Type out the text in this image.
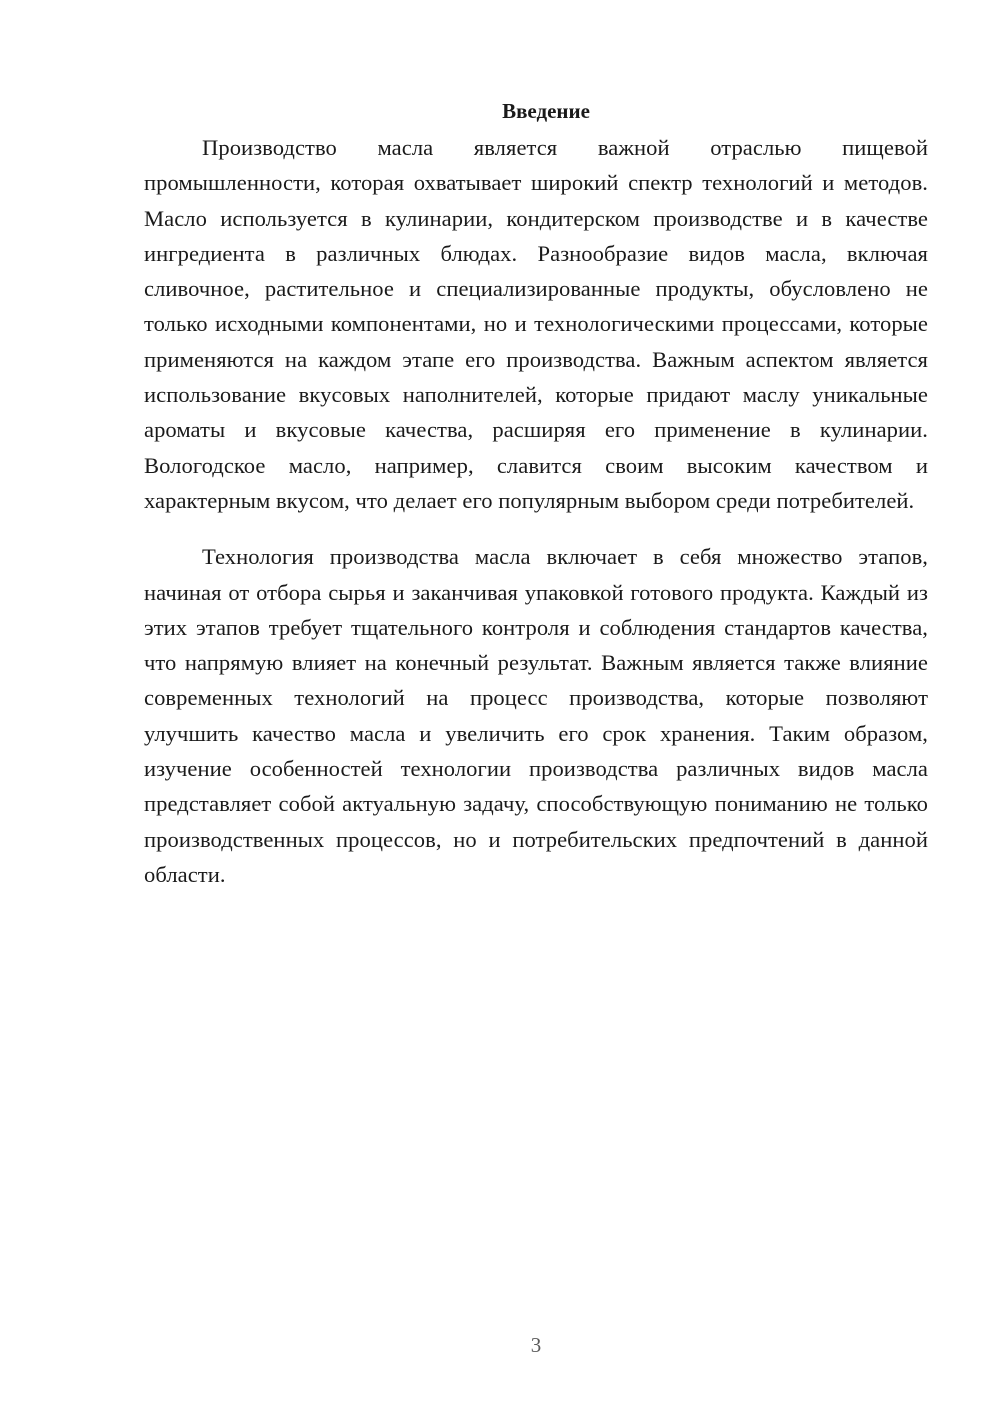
Введение

Производство масла является важной отраслью пищевой промышленности, которая охватывает широкий спектр технологий и методов. Масло используется в кулинарии, кондитерском производстве и в качестве ингредиента в различных блюдах. Разнообразие видов масла, включая сливочное, растительное и специализированные продукты, обусловлено не только исходными компонентами, но и технологическими процессами, которые применяются на каждом этапе его производства. Важным аспектом является использование вкусовых наполнителей, которые придают маслу уникальные ароматы и вкусовые качества, расширяя его применение в кулинарии. Вологодское масло, например, славится своим высоким качеством и характерным вкусом, что делает его популярным выбором среди потребителей.

Технология производства масла включает в себя множество этапов, начиная от отбора сырья и заканчивая упаковкой готового продукта. Каждый из этих этапов требует тщательного контроля и соблюдения стандартов качества, что напрямую влияет на конечный результат. Важным является также влияние современных технологий на процесс производства, которые позволяют улучшить качество масла и увеличить его срок хранения. Таким образом, изучение особенностей технологии производства различных видов масла представляет собой актуальную задачу, способствующую пониманию не только производственных процессов, но и потребительских предпочтений в данной области.

3
